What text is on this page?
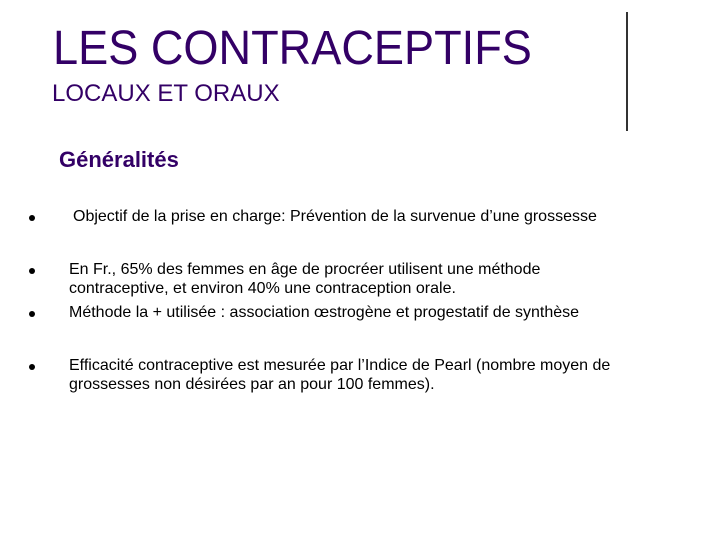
LES CONTRACEPTIFS
LOCAUX ET ORAUX
Généralités
Objectif de la prise en charge: Prévention de la survenue d’une grossesse
En Fr., 65% des femmes en âge de procréer utilisent une méthode
contraceptive, et environ 40% une contraception orale.
Méthode la + utilisée : association œstrogène et progestatif de synthèse
Efficacité contraceptive est mesurée par l’Indice de Pearl (nombre moyen de
grossesses non désirées par an pour 100 femmes).
